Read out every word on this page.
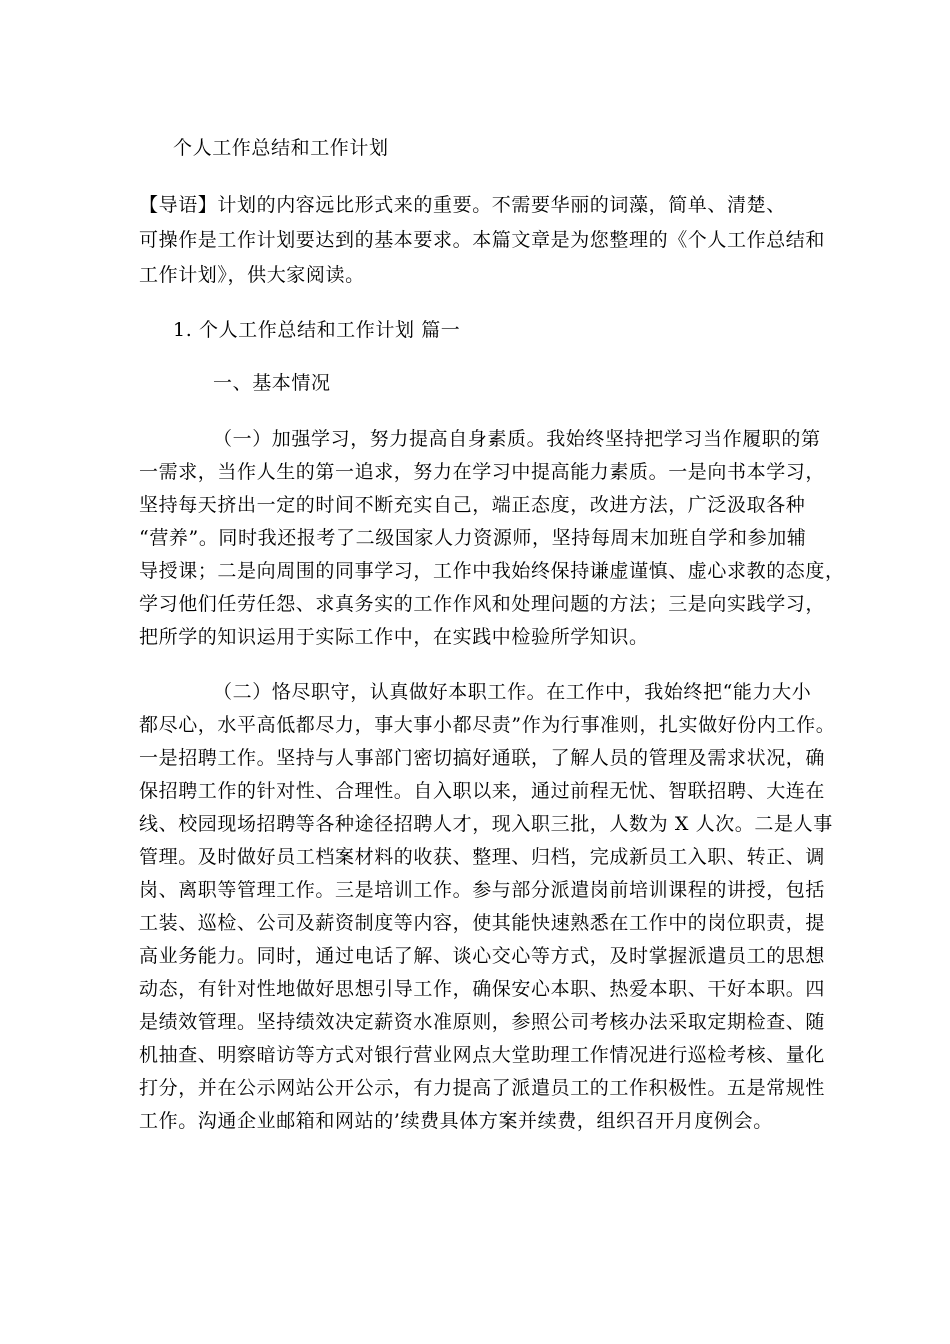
个人工作总结和工作计划
【导语】计划的内容远比形式来的重要。不需要华丽的词藻，简单、清楚、
可操作是工作计划要达到的基本要求。本篇文章是为您整理的《个人工作总结和
工作计划》，供大家阅读。
1. 个人工作总结和工作计划 篇一
一、基本情况
（一）加强学习，努力提高自身素质。我始终坚持把学习当作履职的第
一需求，当作人生的第一追求，努力在学习中提高能力素质。一是向书本学习，
坚持每天挤出一定的时间不断充实自己，端正态度，改进方法，广泛汲取各种
“营养”。同时我还报考了二级国家人力资源师，坚持每周末加班自学和参加辅
导授课；二是向周围的同事学习，工作中我始终保持谦虚谨慎、虚心求教的态度，
学习他们任劳任怨、求真务实的工作作风和处理问题的方法；三是向实践学习，
把所学的知识运用于实际工作中，在实践中检验所学知识。
（二）恪尽职守，认真做好本职工作。在工作中，我始终把“能力大小
都尽心，水平高低都尽力，事大事小都尽责”作为行事准则，扎实做好份内工作。
一是招聘工作。坚持与人事部门密切搞好通联，了解人员的管理及需求状况，确
保招聘工作的针对性、合理性。自入职以来，通过前程无忧、智联招聘、大连在
线、校园现场招聘等各种途径招聘人才，现入职三批，人数为 X 人次。二是人事
管理。及时做好员工档案材料的收获、整理、归档，完成新员工入职、转正、调
岗、离职等管理工作。三是培训工作。参与部分派遣岗前培训课程的讲授，包括
工装、巡检、公司及薪资制度等内容，使其能快速熟悉在工作中的岗位职责，提
高业务能力。同时，通过电话了解、谈心交心等方式，及时掌握派遣员工的思想
动态，有针对性地做好思想引导工作，确保安心本职、热爱本职、干好本职。四
是绩效管理。坚持绩效决定薪资水准原则，参照公司考核办法采取定期检查、随
机抽查、明察暗访等方式对银行营业网点大堂助理工作情况进行巡检考核、量化
打分，并在公示网站公开公示，有力提高了派遣员工的工作积极性。五是常规性
工作。沟通企业邮箱和网站的’续费具体方案并续费，组织召开月度例会。
